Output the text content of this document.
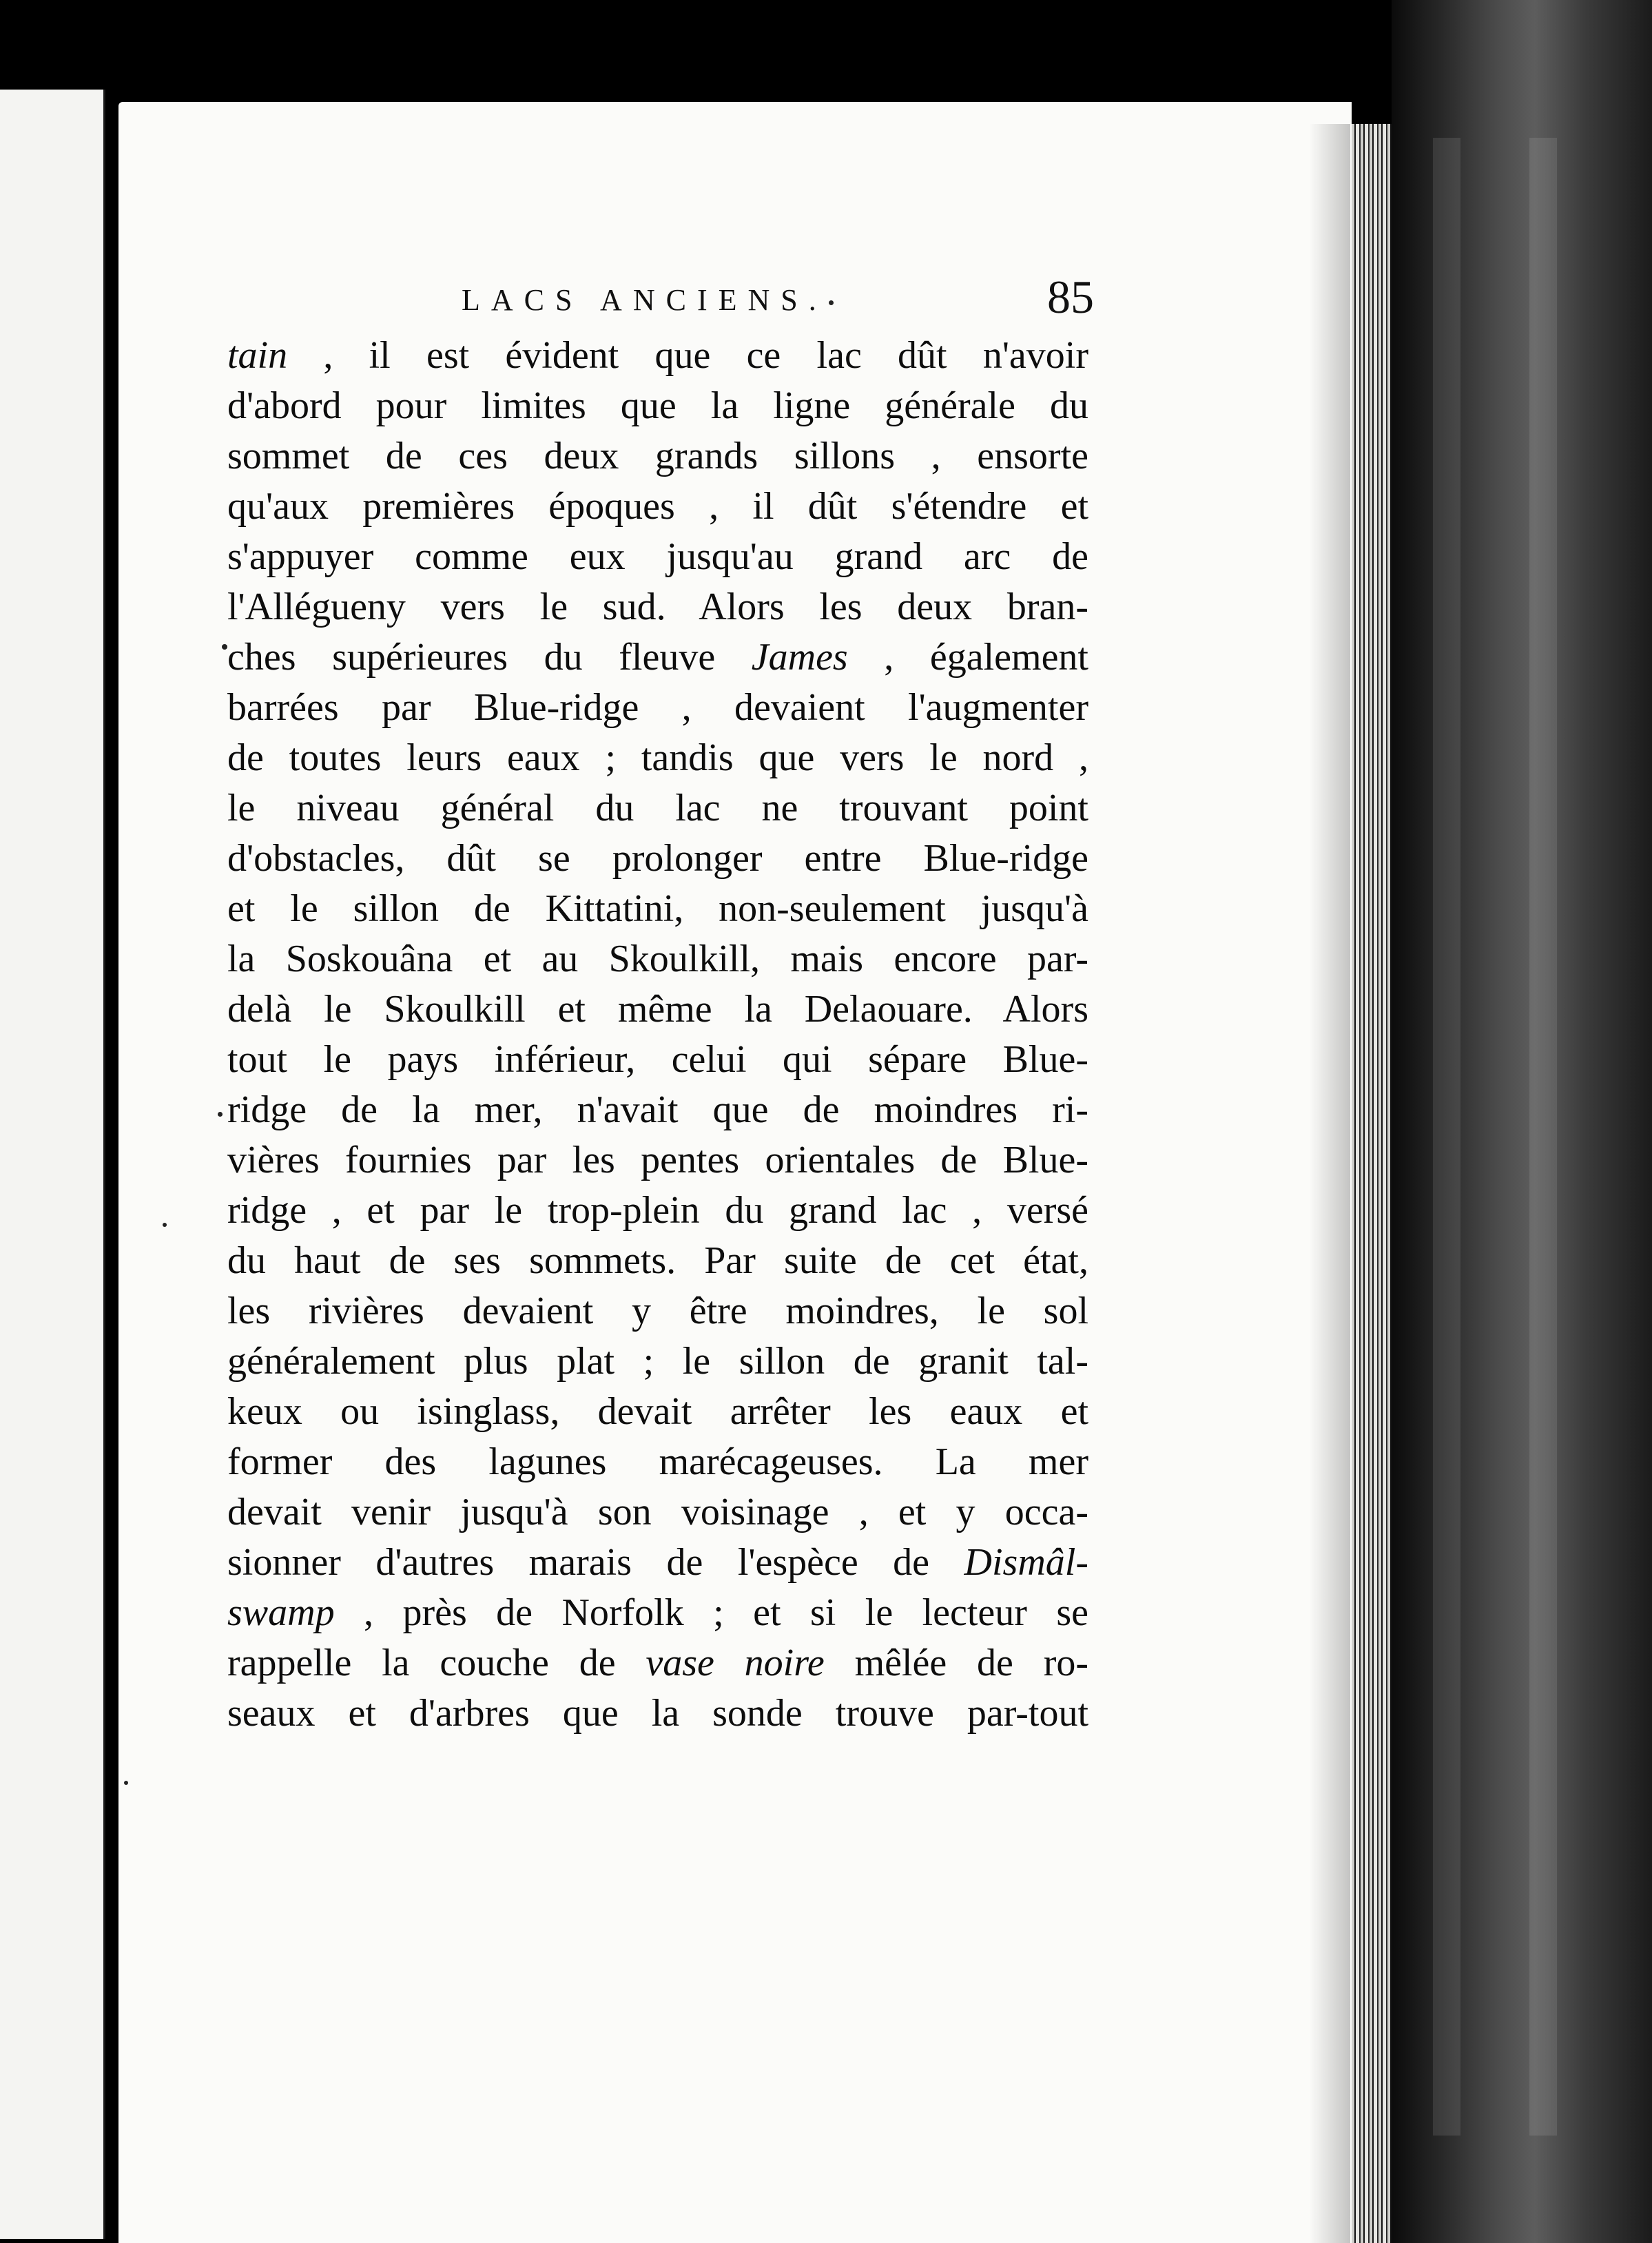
LACS ANCIENS.	85
tain , il est évident que ce lac dût n'avoir
d'abord pour limites que la ligne générale du
sommet de ces deux grands sillons , ensorte
qu'aux premières époques , il dût s'étendre et
s'appuyer comme eux jusqu'au grand arc de
l'Allégueny vers le sud. Alors les deux bran-
ches supérieures du fleuve James , également
barrées par Blue-ridge , devaient l'augmenter
de toutes leurs eaux ; tandis que vers le nord ,
le niveau général du lac ne trouvant point
d'obstacles, dût se prolonger entre Blue-ridge
et le sillon de Kittatini, non-seulement jusqu'à
la Soskouâna et au Skoulkill, mais encore par-
delà le Skoulkill et même la Delaouare. Alors
tout le pays inférieur, celui qui sépare Blue-
ridge de la mer, n'avait que de moindres ri-
vières fournies par les pentes orientales de Blue-
ridge , et par le trop-plein du grand lac , versé
du haut de ses sommets. Par suite de cet état,
les rivières devaient y être moindres, le sol
généralement plus plat ; le sillon de granit tal-
keux ou isinglass, devait arrêter les eaux et
former des lagunes marécageuses. La mer
devait venir jusqu'à son voisinage , et y occa-
sionner d'autres marais de l'espèce de Dismâl-
swamp , près de Norfolk ; et si le lecteur se
rappelle la couche de vase noire mêlée de ro-
seaux et d'arbres que la sonde trouve par-tout
